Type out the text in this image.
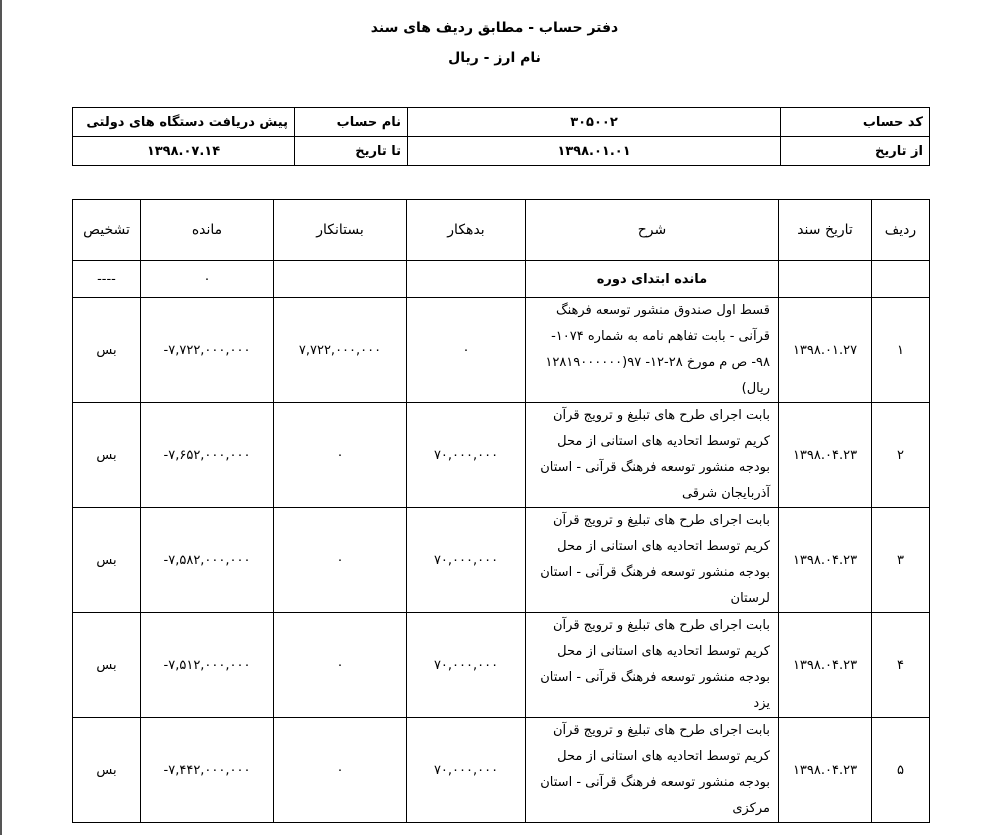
دفتر حساب - مطابق ردیف های سند
نام ارز - ریال
کد حساب	۳۰۵۰۰۲	نام حساب	پیش دریافت دستگاه های دولتی
از تاریخ	۱۳۹۸.۰۱.۰۱	تا تاریخ	۱۳۹۸.۰۷.۱۴
ردیف	تاریخ سند	شرح	بدهکار	بستانکار	مانده	تشخیص
		مانده ابتدای دوره			۰	----
۱	۱۳۹۸.۰۱.۲۷	قسط اول صندوق منشور توسعه فرهنگ قرآنی - بابت تفاهم نامه به شماره ۱۰۷۴- ۹۸- ص م مورخ ۲۸-۱۲- ۹۷(۱۲۸۱۹۰۰۰۰۰۰ ریال)	۰	۷,۷۲۲,۰۰۰,۰۰۰	۷,۷۲۲,۰۰۰,۰۰۰-	بس
۲	۱۳۹۸.۰۴.۲۳	بابت اجرای طرح های تبلیغ و ترویج قرآن کریم توسط اتحادیه های استانی از محل بودجه منشور توسعه فرهنگ قرآنی - استان آذربایجان شرقی	۷۰,۰۰۰,۰۰۰	۰	۷,۶۵۲,۰۰۰,۰۰۰-	بس
۳	۱۳۹۸.۰۴.۲۳	بابت اجرای طرح های تبلیغ و ترویج قرآن کریم توسط اتحادیه های استانی از محل بودجه منشور توسعه فرهنگ قرآنی - استان لرستان	۷۰,۰۰۰,۰۰۰	۰	۷,۵۸۲,۰۰۰,۰۰۰-	بس
۴	۱۳۹۸.۰۴.۲۳	بابت اجرای طرح های تبلیغ و ترویج قرآن کریم توسط اتحادیه های استانی از محل بودجه منشور توسعه فرهنگ قرآنی - استان یزد	۷۰,۰۰۰,۰۰۰	۰	۷,۵۱۲,۰۰۰,۰۰۰-	بس
۵	۱۳۹۸.۰۴.۲۳	بابت اجرای طرح های تبلیغ و ترویج قرآن کریم توسط اتحادیه های استانی از محل بودجه منشور توسعه فرهنگ قرآنی - استان مرکزی	۷۰,۰۰۰,۰۰۰	۰	۷,۴۴۲,۰۰۰,۰۰۰-	بس
